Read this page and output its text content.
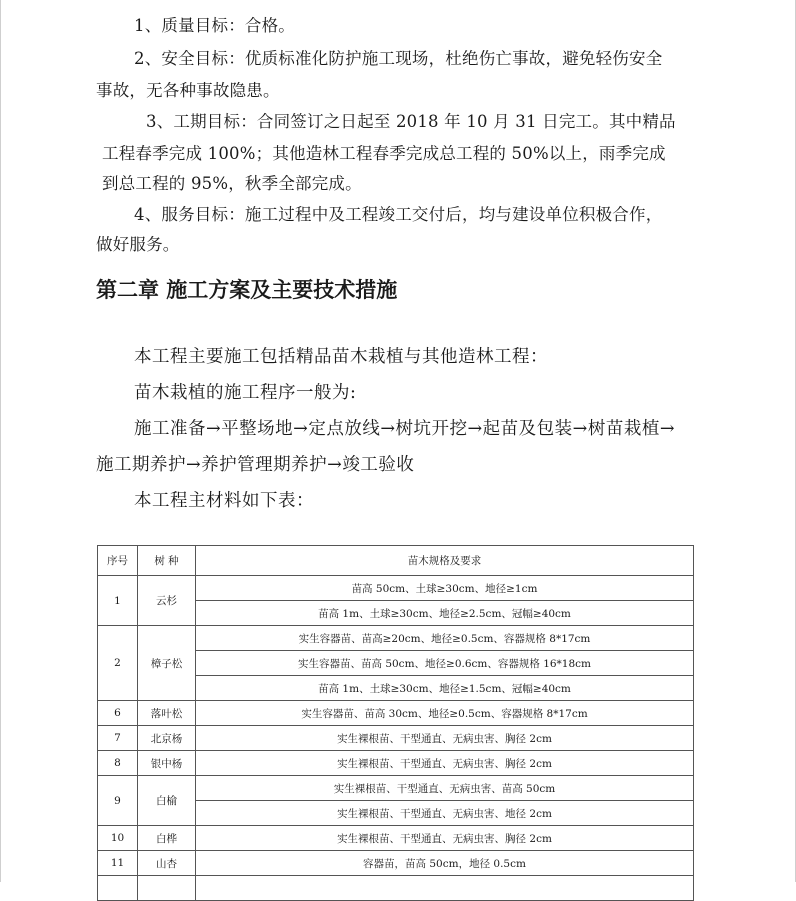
1、质量目标：合格。
2、安全目标：优质标准化防护施工现场，杜绝伤亡事故，避免轻伤安全
事故，无各种事故隐患。
3、工期目标：合同签订之日起至 2018 年 10 月 31 日完工。其中精品
工程春季完成 100%；其他造林工程春季完成总工程的 50%以上，雨季完成
到总工程的 95%，秋季全部完成。
4、服务目标：施工过程中及工程竣工交付后，均与建设单位积极合作，
做好服务。
第二章 施工方案及主要技术措施
本工程主要施工包括精品苗木栽植与其他造林工程：
苗木栽植的施工程序一般为:
施工准备→平整场地→定点放线→树坑开挖→起苗及包装→树苗栽植→
施工期养护→养护管理期养护→竣工验收
本工程主材料如下表：
序号	树 种	苗木规格及要求
1	云杉	苗高 50cm、土球≥30cm、地径≥1cm
		苗高 1m、土球≥30cm、地径≥2.5cm、冠幅≥40cm
2	樟子松	实生容器苗、苗高≥20cm、地径≥0.5cm、容器规格 8*17cm
		实生容器苗、苗高 50cm、地径≥0.6cm、容器规格 16*18cm
		苗高 1m、土球≥30cm、地径≥1.5cm、冠幅≥40cm
6	落叶松	实生容器苗、苗高 30cm、地径≥0.5cm、容器规格 8*17cm
7	北京杨	实生裸根苗、干型通直、无病虫害、胸径 2cm
8	银中杨	实生裸根苗、干型通直、无病虫害、胸径 2cm
9	白榆	实生裸根苗、干型通直、无病虫害、苗高 50cm
		实生裸根苗、干型通直、无病虫害、地径 2cm
10	白桦	实生裸根苗、干型通直、无病虫害、胸径 2cm
11	山杏	容器苗，苗高 50cm，地径 0.5cm
